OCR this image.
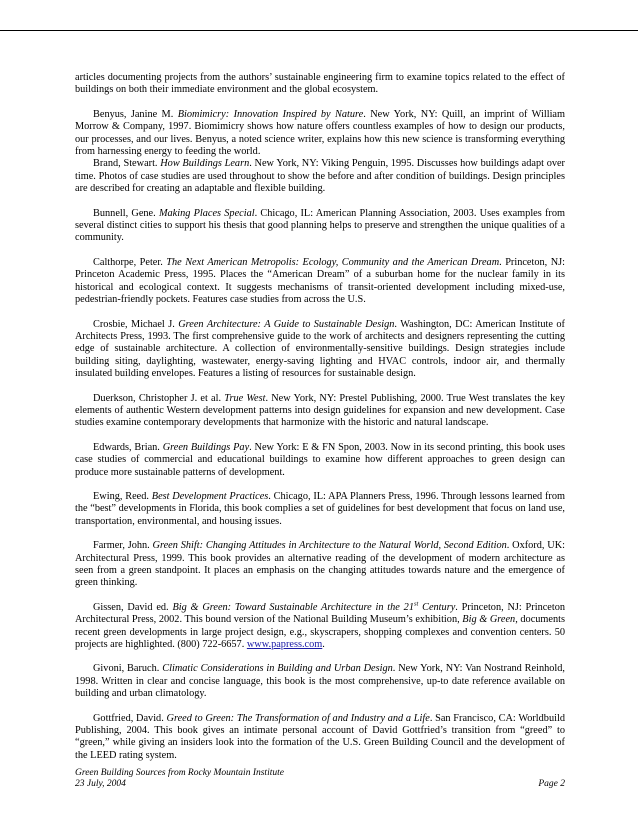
articles documenting projects from the authors’ sustainable engineering firm to examine topics related to the effect of buildings on both their immediate environment and the global ecosystem.

Benyus, Janine M. Biomimicry: Innovation Inspired by Nature. New York, NY: Quill, an imprint of William Morrow & Company, 1997. Biomimicry shows how nature offers countless examples of how to design our products, our processes, and our lives. Benyus, a noted science writer, explains how this new science is transforming everything from harnessing energy to feeding the world.

Brand, Stewart. How Buildings Learn. New York, NY: Viking Penguin, 1995. Discusses how buildings adapt over time. Photos of case studies are used throughout to show the before and after condition of buildings. Design principles are described for creating an adaptable and flexible building.

Bunnell, Gene. Making Places Special. Chicago, IL: American Planning Association, 2003. Uses examples from several distinct cities to support his thesis that good planning helps to preserve and strengthen the unique qualities of a community.

Calthorpe, Peter. The Next American Metropolis: Ecology, Community and the American Dream. Princeton, NJ: Princeton Academic Press, 1995. Places the “American Dream” of a suburban home for the nuclear family in its historical and ecological context. It suggests mechanisms of transit-oriented development including mixed-use, pedestrian-friendly pockets. Features case studies from across the U.S.

Crosbie, Michael J. Green Architecture: A Guide to Sustainable Design. Washington, DC: American Institute of Architects Press, 1993. The first comprehensive guide to the work of architects and designers representing the cutting edge of sustainable architecture. A collection of environmentally-sensitive buildings. Design strategies include building siting, daylighting, wastewater, energy-saving lighting and HVAC controls, indoor air, and thermally insulated building envelopes. Features a listing of resources for sustainable design.

Duerkson, Christopher J. et al. True West. New York, NY: Prestel Publishing, 2000. True West translates the key elements of authentic Western development patterns into design guidelines for expansion and new development. Case studies examine contemporary developments that harmonize with the historic and natural landscape.

Edwards, Brian. Green Buildings Pay. New York: E & FN Spon, 2003. Now in its second printing, this book uses case studies of commercial and educational buildings to examine how different approaches to green design can produce more sustainable patterns of development.

Ewing, Reed. Best Development Practices. Chicago, IL: APA Planners Press, 1996. Through lessons learned from the “best” developments in Florida, this book complies a set of guidelines for best development that focus on land use, transportation, environmental, and housing issues.

Farmer, John. Green Shift: Changing Attitudes in Architecture to the Natural World, Second Edition. Oxford, UK: Architectural Press, 1999. This book provides an alternative reading of the development of modern architecture as seen from a green standpoint. It places an emphasis on the changing attitudes towards nature and the emergence of green thinking.

Gissen, David ed. Big & Green: Toward Sustainable Architecture in the 21st Century. Princeton, NJ: Princeton Architectural Press, 2002. This bound version of the National Building Museum’s exhibition, Big & Green, documents recent green developments in large project design, e.g., skyscrapers, shopping complexes and convention centers. 50 projects are highlighted. (800) 722-6657. www.papress.com.

Givoni, Baruch. Climatic Considerations in Building and Urban Design. New York, NY: Van Nostrand Reinhold, 1998. Written in clear and concise language, this book is the most comprehensive, up-to date reference available on building and urban climatology.

Gottfried, David. Greed to Green: The Transformation of and Industry and a Life. San Francisco, CA: Worldbuild Publishing, 2004. This book gives an intimate personal account of David Gottfried’s transition from “greed” to “green,” while giving an insiders look into the formation of the U.S. Green Building Council and the development of the LEED rating system.

Green Building Sources from Rocky Mountain Institute
23 July, 2004	Page 2
